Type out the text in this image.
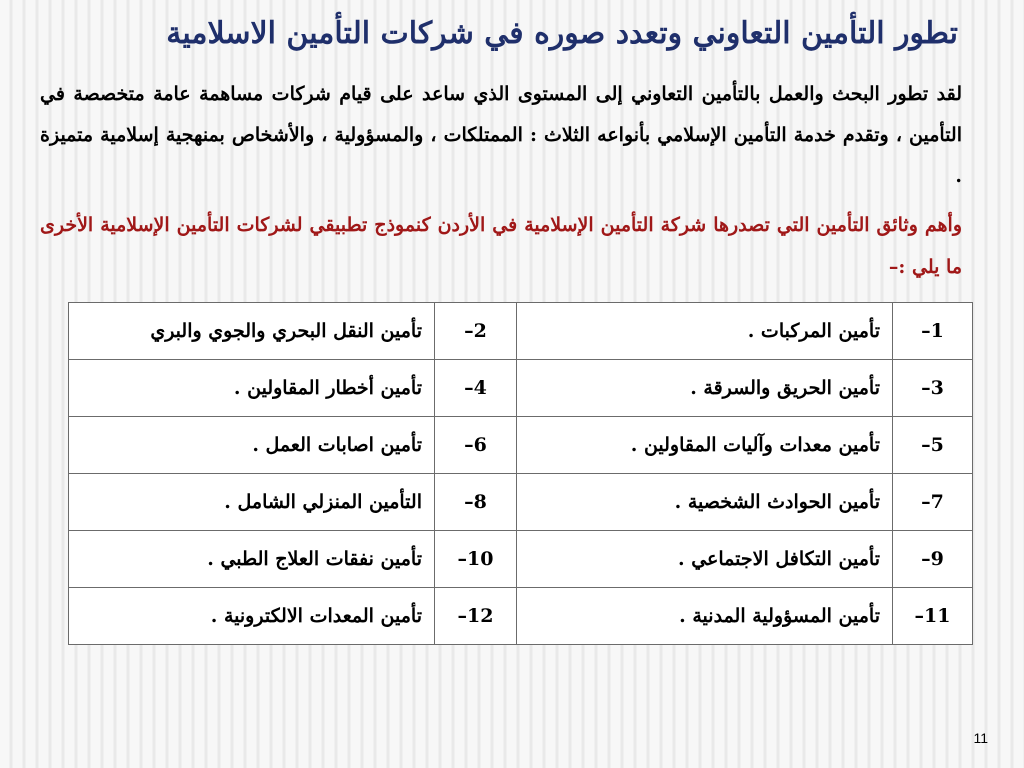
تطور التأمين التعاوني وتعدد صوره في شركات التأمين الاسلامية

لقد تطور البحث والعمل بالتأمين التعاوني إلى المستوى الذي ساعد على قيام شركات مساهمة عامة متخصصة في التأمين ، وتقدم خدمة التأمين الإسلامي بأنواعه الثلاث : الممتلكات ، والمسؤولية ، والأشخاص بمنهجية إسلامية متميزة .

وأهم وثائق التأمين التي تصدرها شركة التأمين الإسلامية في الأردن كنموذج تطبيقي لشركات التأمين الإسلامية الأخرى ما يلي :–

1–	تأمين المركبات .	2–	تأمين النقل البحري والجوي والبري
3–	تأمين الحريق والسرقة .	4–	تأمين أخطار المقاولين .
5–	تأمين معدات وآليات المقاولين .	6–	تأمين اصابات العمل .
7–	تأمين الحوادث الشخصية .	8–	التأمين المنزلي الشامل .
9–	تأمين التكافل الاجتماعي .	10–	تأمين نفقات العلاج الطبي .
11–	تأمين المسؤولية المدنية .	12–	تأمين المعدات الالكترونية .
11
